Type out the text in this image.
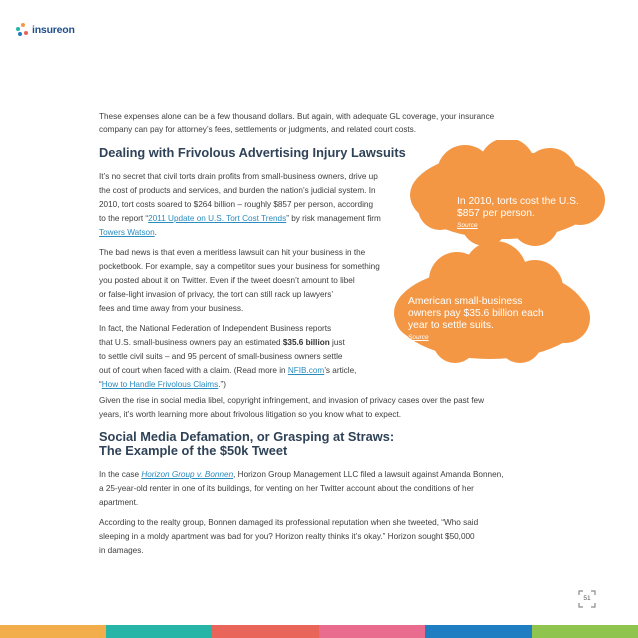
insureon

These expenses alone can be a few thousand dollars. But again, with adequate GL coverage, your insurance

company can pay for attorney’s fees, settlements or judgments, and related court costs.

Dealing with Frivolous Advertising Injury Lawsuits
In 2010, torts cost the U.S.
$857 per person.
Source
American small-business
owners pay $35.6 billion each
year to settle suits.
Source

It’s no secret that civil torts drain profits from small-business owners, drive up

the cost of products and services, and burden the nation’s judicial system. In

2010, tort costs soared to $264 billion – roughly $857 per person, according

to the report “2011 Update on U.S. Tort Cost Trends” by risk management firm

Towers Watson.

The bad news is that even a meritless lawsuit can hit your business in the

pocketbook. For example, say a competitor sues your business for something

you posted about it on Twitter. Even if the tweet doesn’t amount to libel

or false-light invasion of privacy, the tort can still rack up lawyers’

fees and time away from your business.

In fact, the National Federation of Independent Business reports

that U.S. small-business owners pay an estimated $35.6 billion just

to settle civil suits – and 95 percent of small-business owners settle

out of court when faced with a claim. (Read more in NFIB.com’s article,

“How to Handle Frivolous Claims.”)

Given the rise in social media libel, copyright infringement, and invasion of privacy cases over the past few

years, it’s worth learning more about frivolous litigation so you know what to expect.

Social Media Defamation, or Grasping at Straws:
The Example of the $50k Tweet

In the case Horizon Group v. Bonnen, Horizon Group Management LLC filed a lawsuit against Amanda Bonnen,

a 25-year-old renter in one of its buildings, for venting on her Twitter account about the conditions of her

apartment.

According to the realty group, Bonnen damaged its professional reputation when she tweeted, “Who said

sleeping in a moldy apartment was bad for you? Horizon realty thinks it’s okay.” Horizon sought $50,000

in damages.

51
